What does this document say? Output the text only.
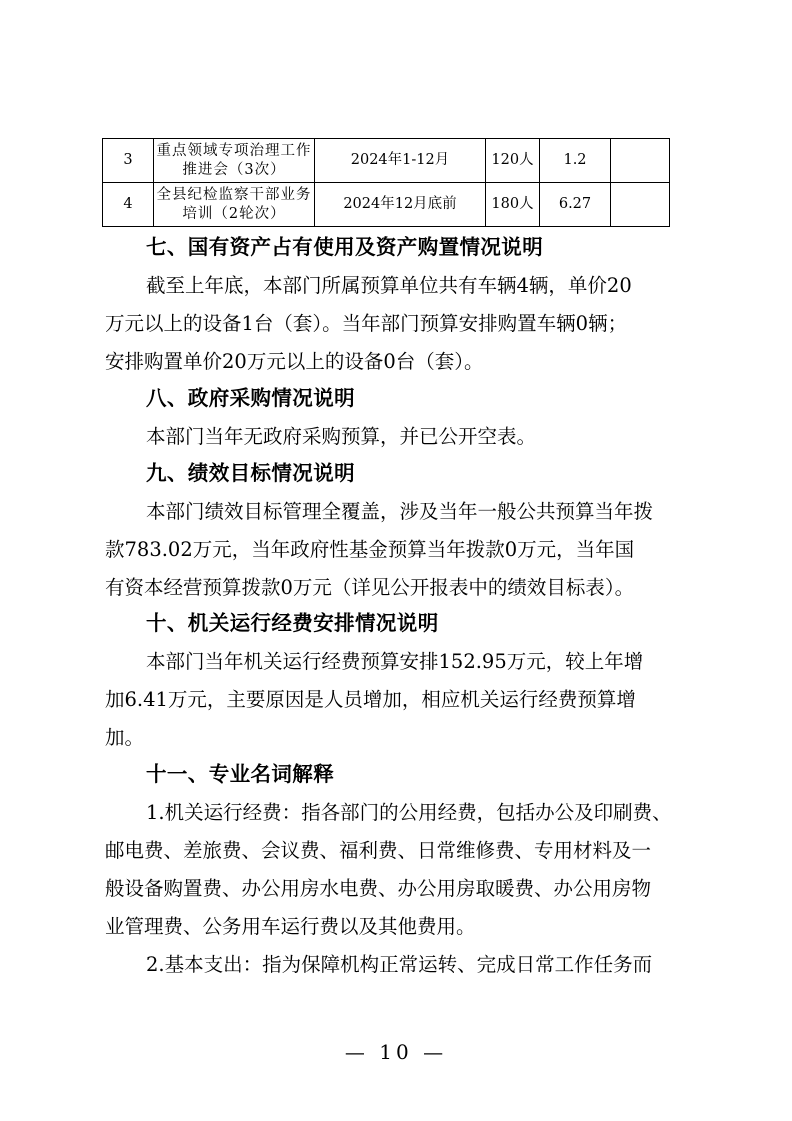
3	重点领域专项治理工作推进会（3次）	2024年1-12月	120人	1.2	
4	全县纪检监察干部业务培训（2轮次）	2024年12月底前	180人	6.27	
七、国有资产占有使用及资产购置情况说明
截至上年底，本部门所属预算单位共有车辆4辆，单价20
万元以上的设备1台（套）。当年部门预算安排购置车辆0辆；
安排购置单价20万元以上的设备0台（套）。
八、政府采购情况说明
本部门当年无政府采购预算，并已公开空表。
九、绩效目标情况说明
本部门绩效目标管理全覆盖，涉及当年一般公共预算当年拨
款783.02万元，当年政府性基金预算当年拨款0万元，当年国
有资本经营预算拨款0万元（详见公开报表中的绩效目标表）。
十、机关运行经费安排情况说明
本部门当年机关运行经费预算安排152.95万元，较上年增
加6.41万元，主要原因是人员增加，相应机关运行经费预算增
加。
十一、专业名词解释
1.机关运行经费：指各部门的公用经费，包括办公及印刷费、
邮电费、差旅费、会议费、福利费、日常维修费、专用材料及一
般设备购置费、办公用房水电费、办公用房取暖费、办公用房物
业管理费、公务用车运行费以及其他费用。
2.基本支出：指为保障机构正常运转、完成日常工作任务而
— 10 —
